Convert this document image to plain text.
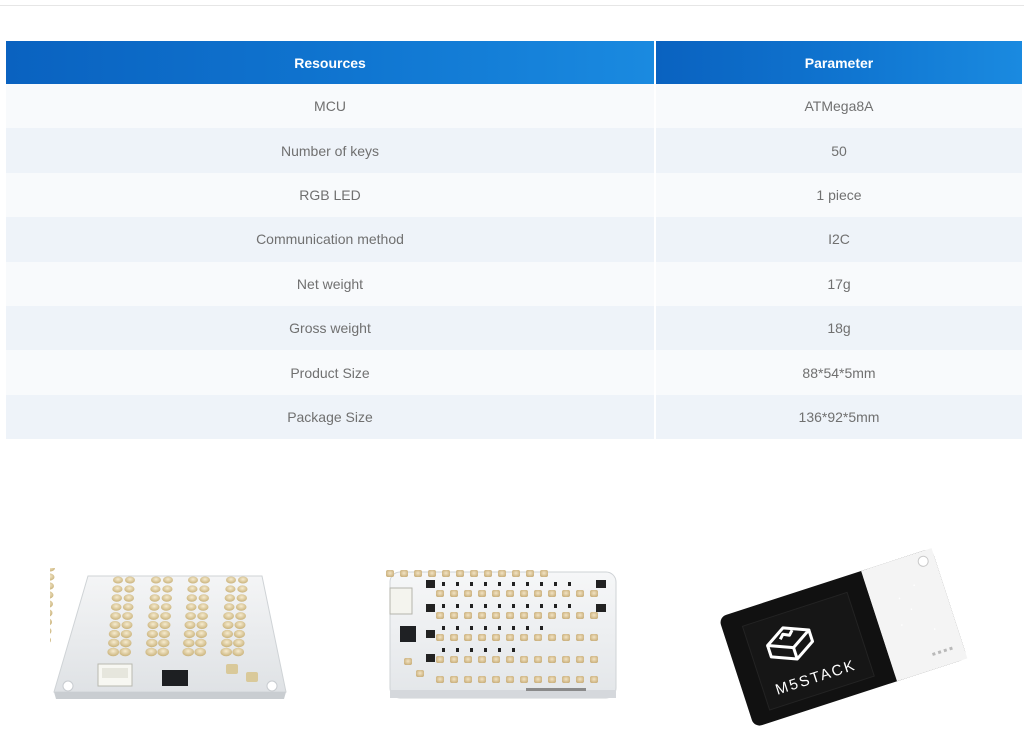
Resources	Parameter
MCU	ATMega8A
Number of keys	50
RGB LED	1 piece
Communication method	I2C
Net weight	17g
Gross weight	18g
Product Size	88*54*5mm
Package Size	136*92*5mm
M5STACK
